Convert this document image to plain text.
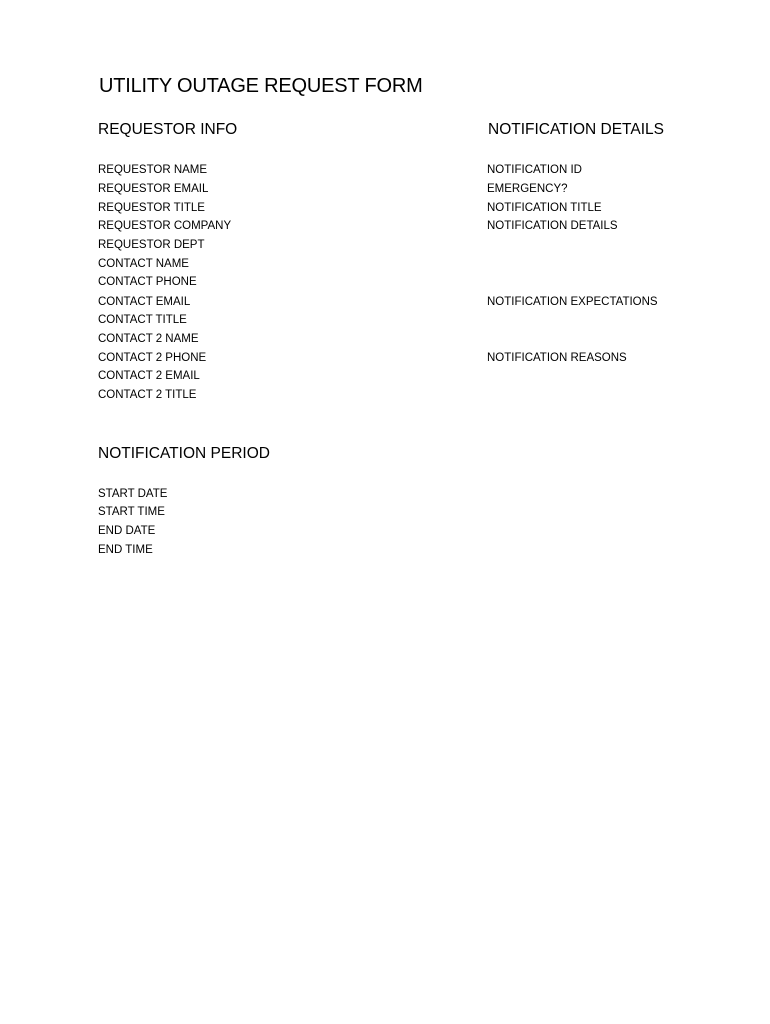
UTILITY OUTAGE REQUEST FORM
REQUESTOR INFO
REQUESTOR NAME
REQUESTOR EMAIL
REQUESTOR TITLE
REQUESTOR COMPANY
REQUESTOR DEPT
CONTACT NAME
CONTACT PHONE
CONTACT EMAIL
CONTACT TITLE
CONTACT 2 NAME
CONTACT 2 PHONE
CONTACT 2 EMAIL
CONTACT 2 TITLE
NOTIFICATION DETAILS
NOTIFICATION ID
EMERGENCY?
NOTIFICATION TITLE
NOTIFICATION DETAILS
NOTIFICATION EXPECTATIONS
NOTIFICATION REASONS
NOTIFICATION PERIOD
START DATE
START TIME
END DATE
END TIME
